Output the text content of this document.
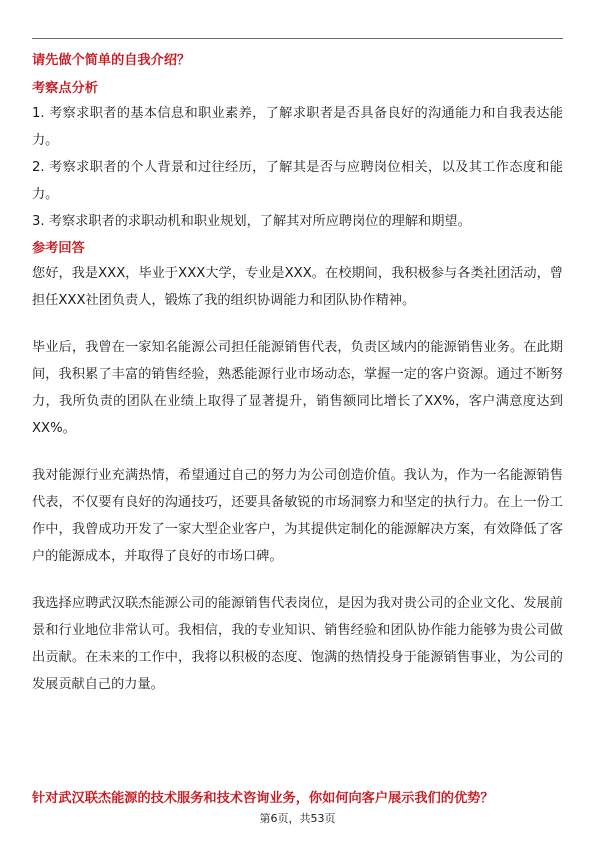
请先做个简单的自我介绍？

考察点分析

1. 考察求职者的基本信息和职业素养，了解求职者是否具备良好的沟通能力和自我表达能力。

2. 考察求职者的个人背景和过往经历，了解其是否与应聘岗位相关，以及其工作态度和能力。

3. 考察求职者的求职动机和职业规划，了解其对所应聘岗位的理解和期望。

参考回答

您好，我是XXX，毕业于XXX大学，专业是XXX。在校期间，我积极参与各类社团活动，曾担任XXX社团负责人，锻炼了我的组织协调能力和团队协作精神。

毕业后，我曾在一家知名能源公司担任能源销售代表，负责区域内的能源销售业务。在此期间，我积累了丰富的销售经验，熟悉能源行业市场动态，掌握一定的客户资源。通过不断努力，我所负责的团队在业绩上取得了显著提升，销售额同比增长了XX%，客户满意度达到XX%。

我对能源行业充满热情，希望通过自己的努力为公司创造价值。我认为，作为一名能源销售代表，不仅要有良好的沟通技巧，还要具备敏锐的市场洞察力和坚定的执行力。在上一份工作中，我曾成功开发了一家大型企业客户，为其提供定制化的能源解决方案，有效降低了客户的能源成本，并取得了良好的市场口碑。

我选择应聘武汉联杰能源公司的能源销售代表岗位，是因为我对贵公司的企业文化、发展前景和行业地位非常认可。我相信，我的专业知识、销售经验和团队协作能力能够为贵公司做出贡献。在未来的工作中，我将以积极的态度、饱满的热情投身于能源销售事业，为公司的发展贡献自己的力量。

针对武汉联杰能源的技术服务和技术咨询业务，你如何向客户展示我们的优势？

第6页，共53页
